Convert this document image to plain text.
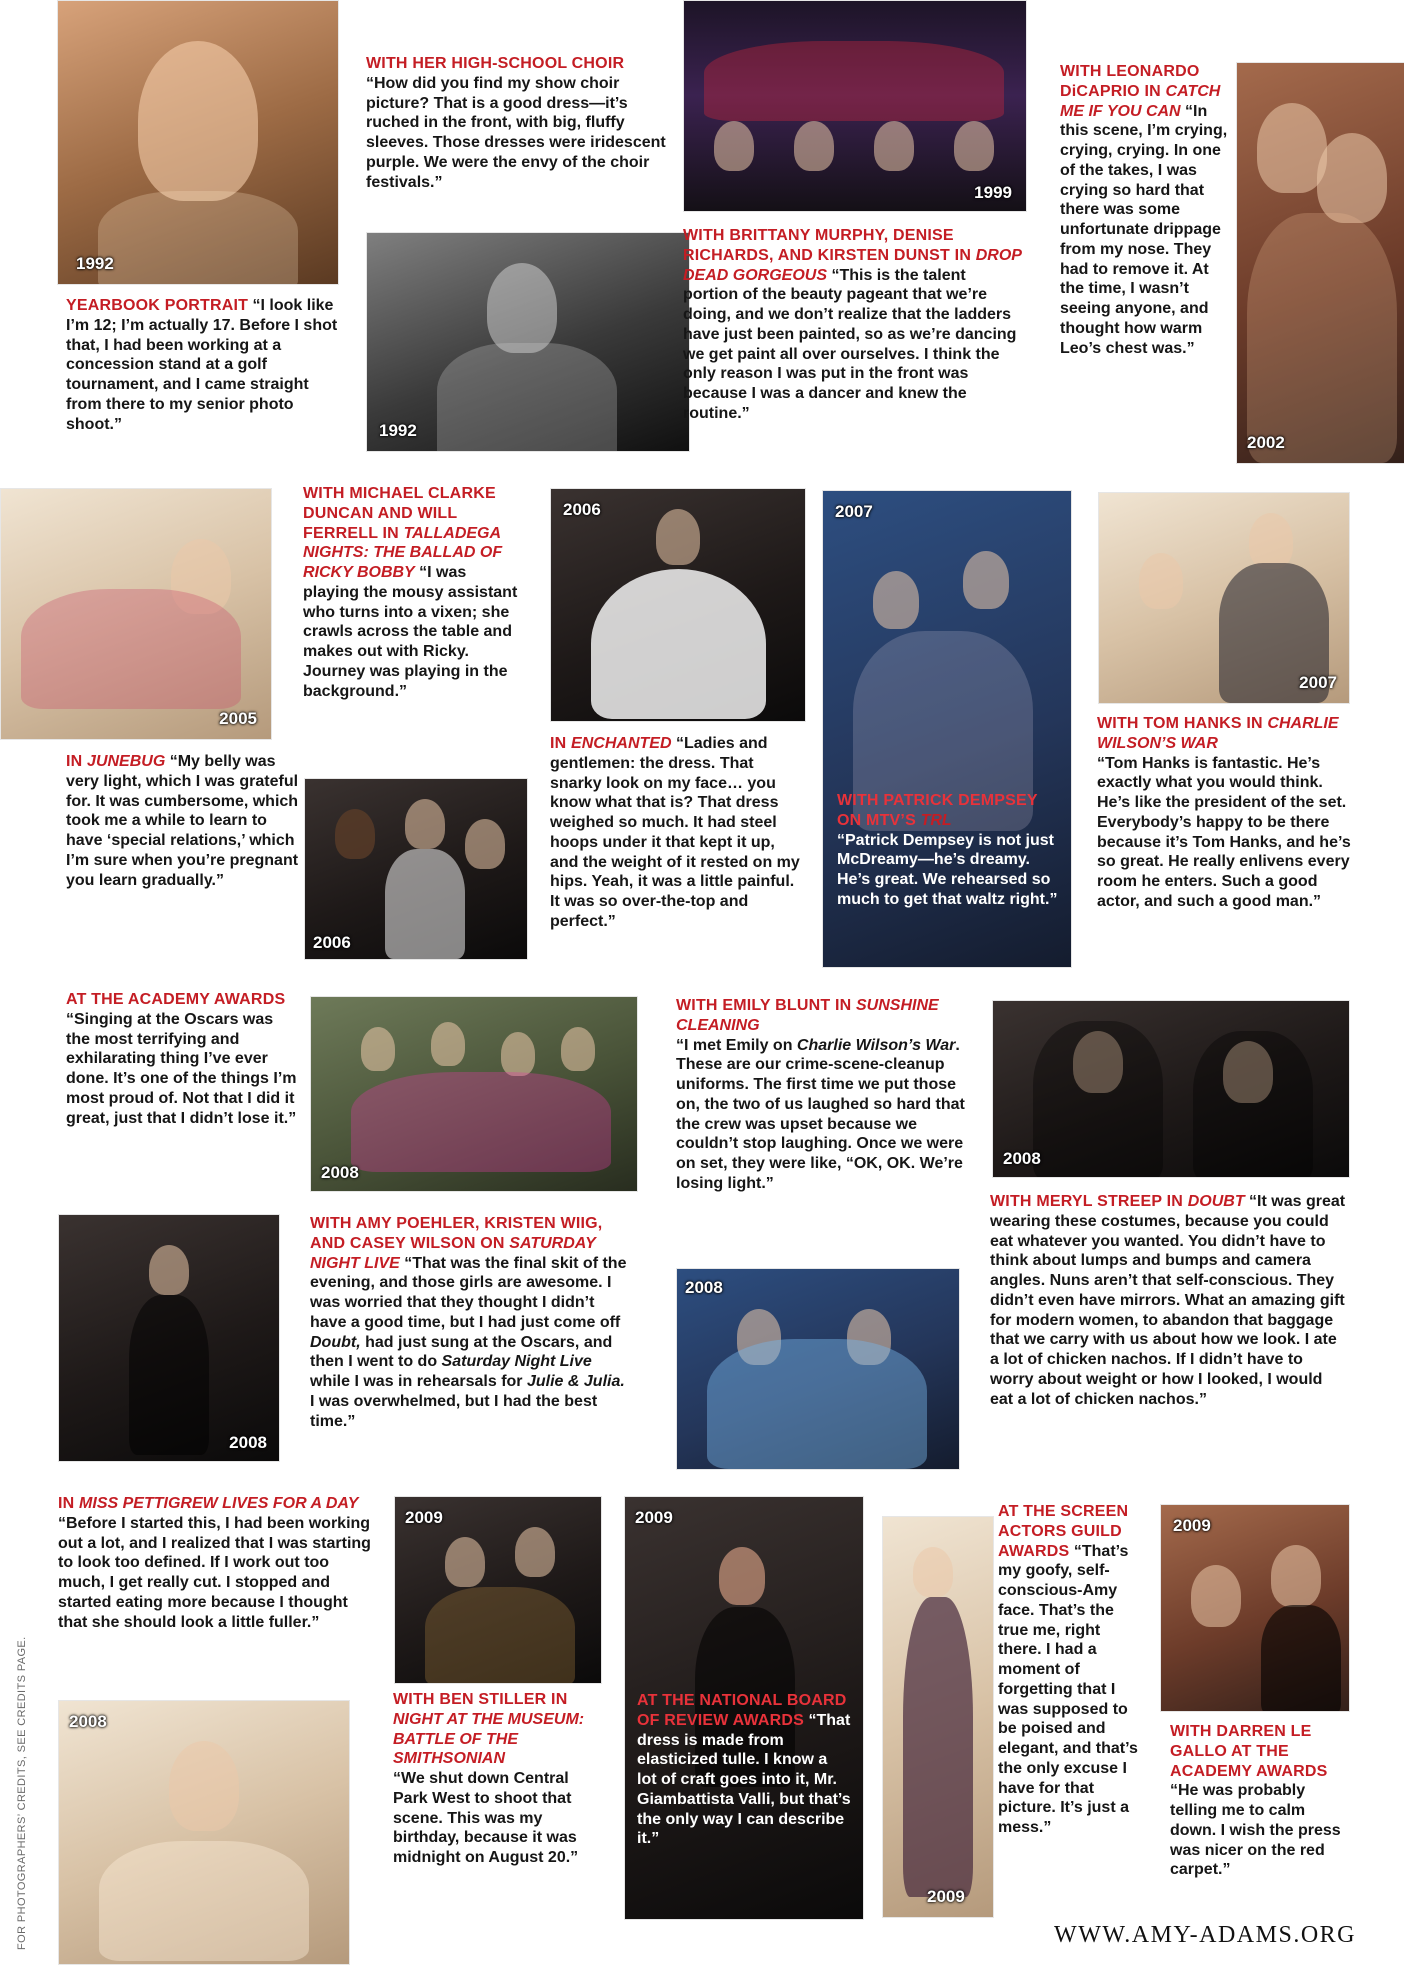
1992
WITH HER HIGH-SCHOOL CHOIR
“How did you find my show choir picture? That is a good dress—it’s ruched in the front, with big, fluffy sleeves. Those dresses were iridescent purple. We were the envy of the choir festivals.”
1992
YEARBOOK PORTRAIT “I look like I’m 12; I’m actually 17. Before I shot that, I had been working at a concession stand at a golf tournament, and I came straight from there to my senior photo shoot.”
1999
WITH BRITTANY MURPHY, DENISE RICHARDS, AND KIRSTEN DUNST IN DROP DEAD GORGEOUS “This is the talent portion of the beauty pageant that we’re doing, and we don’t realize that the ladders have just been painted, so as we’re dancing we get paint all over ourselves. I think the only reason I was put in the front was because I was a dancer and knew the routine.”
WITH LEONARDO DiCAPRIO IN CATCH ME IF YOU CAN “In this scene, I’m crying, crying, crying. In one of the takes, I was crying so hard that there was some unfortunate drippage from my nose. They had to remove it. At the time, I wasn’t seeing anyone, and thought how warm Leo’s chest was.”
2002
2005
WITH MICHAEL CLARKE DUNCAN AND WILL FERRELL IN TALLADEGA NIGHTS: THE BALLAD OF RICKY BOBBY “I was playing the mousy assistant who turns into a vixen; she crawls across the table and makes out with Ricky. Journey was playing in the background.”
IN JUNEBUG “My belly was very light, which I was grateful for. It was cumbersome, which took me a while to learn to have ‘special relations,’ which I’m sure when you’re pregnant you learn gradually.”
2006
2006
IN ENCHANTED “Ladies and gentlemen: the dress. That snarky look on my face… you know what that is? That dress weighed so much. It had steel hoops under it that kept it up, and the weight of it rested on my hips. Yeah, it was a little painful. It was so over-the-top and perfect.”
2007
WITH PATRICK DEMPSEY ON MTV’S TRL
“Patrick Dempsey is not just McDreamy—he’s dreamy. He’s great. We rehearsed so much to get that waltz right.”
2007
WITH TOM HANKS IN CHARLIE WILSON’S WAR
“Tom Hanks is fantastic. He’s exactly what you would think. He’s like the president of the set. Everybody’s happy to be there because it’s Tom Hanks, and he’s so great. He really enlivens every room he enters. Such a good actor, and such a good man.”
AT THE ACADEMY AWARDS “Singing at the Oscars was the most terrifying and exhilarating thing I’ve ever done. It’s one of the things I’m most proud of. Not that I did it great, just that I didn’t lose it.”
2008
WITH EMILY BLUNT IN SUNSHINE CLEANING
“I met Emily on Charlie Wilson’s War. These are our crime-scene-cleanup uniforms. The first time we put those on, the two of us laughed so hard that the crew was upset because we couldn’t stop laughing. Once we were on set, they were like, “OK, OK. We’re losing light.”
2008
WITH MERYL STREEP IN DOUBT “It was great wearing these costumes, because you could eat whatever you wanted. You didn’t have to think about lumps and bumps and camera angles. Nuns aren’t that self-conscious. They didn’t even have mirrors. What an amazing gift for modern women, to abandon that baggage that we carry with us about how we look. I ate a lot of chicken nachos. If I didn’t have to worry about weight or how I looked, I would eat a lot of chicken nachos.”
2008
WITH AMY POEHLER, KRISTEN WIIG, AND CASEY WILSON ON SATURDAY NIGHT LIVE “That was the final skit of the evening, and those girls are awesome. I was worried that they thought I didn’t have a good time, but I had just come off Doubt, had just sung at the Oscars, and then I went to do Saturday Night Live while I was in rehearsals for Julie & Julia. I was overwhelmed, but I had the best time.”
2008
IN MISS PETTIGREW LIVES FOR A DAY “Before I started this, I had been working out a lot, and I realized that I was starting to look too defined. If I work out too much, I get really cut. I stopped and started eating more because I thought that she should look a little fuller.”
2008
2009
WITH BEN STILLER IN NIGHT AT THE MUSEUM: BATTLE OF THE SMITHSONIAN
“We shut down Central Park West to shoot that scene. This was my birthday, because it was midnight on August 20.”
2009
AT THE NATIONAL BOARD OF REVIEW AWARDS “That dress is made from elasticized tulle. I know a lot of craft goes into it, Mr. Giambattista Valli, but that’s the only way I can describe it.”
2009
AT THE SCREEN ACTORS GUILD AWARDS “That’s my goofy, self-conscious-Amy face. That’s the true me, right there. I had a moment of forgetting that I was supposed to be poised and elegant, and that’s the only excuse I have for that picture. It’s just a mess.”
2009
WITH DARREN LE GALLO AT THE ACADEMY AWARDS
“He was probably telling me to calm down. I wish the press was nicer on the red carpet.”
FOR PHOTOGRAPHERS’ CREDITS, SEE CREDITS PAGE.	WWW.AMY-ADAMS.ORG
